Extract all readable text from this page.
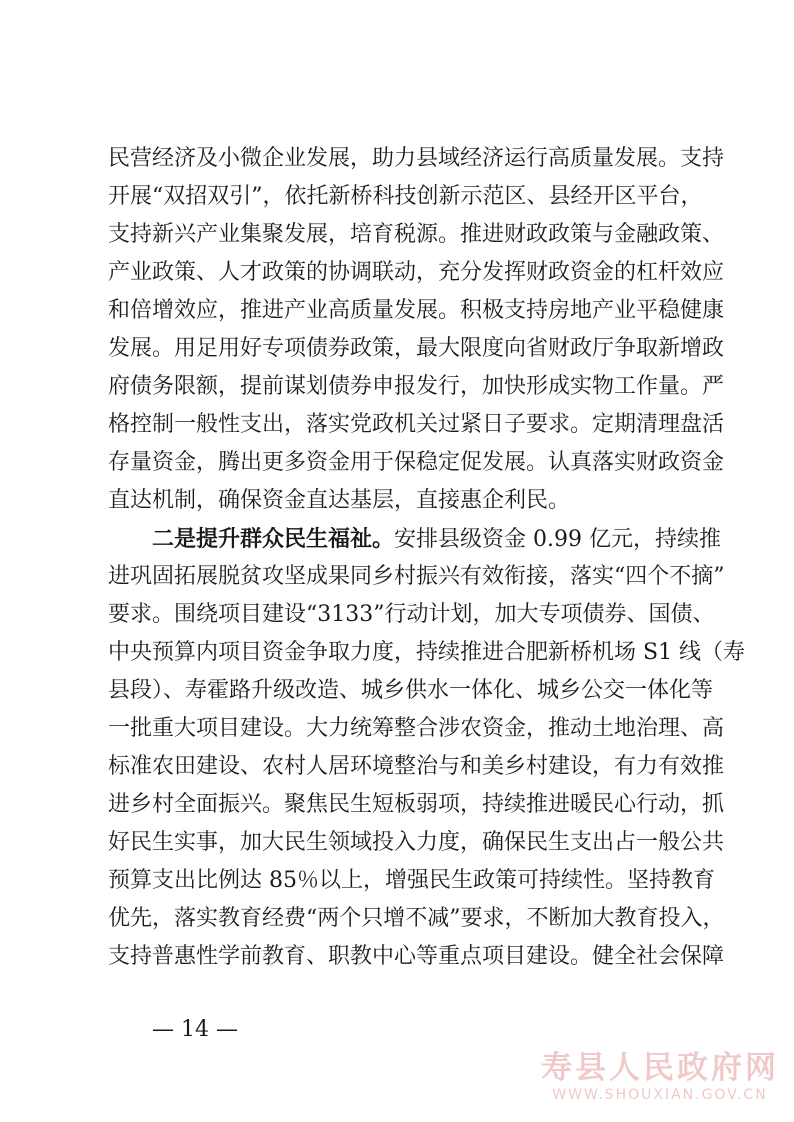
民营经济及小微企业发展，助力县域经济运行高质量发展。支持
开展“双招双引”，依托新桥科技创新示范区、县经开区平台，
支持新兴产业集聚发展，培育税源。推进财政政策与金融政策、
产业政策、人才政策的协调联动，充分发挥财政资金的杠杆效应
和倍增效应，推进产业高质量发展。积极支持房地产业平稳健康
发展。用足用好专项债券政策，最大限度向省财政厅争取新增政
府债务限额，提前谋划债券申报发行，加快形成实物工作量。严
格控制一般性支出，落实党政机关过紧日子要求。定期清理盘活
存量资金，腾出更多资金用于保稳定促发展。认真落实财政资金
直达机制，确保资金直达基层，直接惠企利民。
二是提升群众民生福祉。安排县级资金 0.99 亿元，持续推
进巩固拓展脱贫攻坚成果同乡村振兴有效衔接，落实“四个不摘”
要求。围绕项目建设“3133”行动计划，加大专项债券、国债、
中央预算内项目资金争取力度，持续推进合肥新桥机场 S1 线（寿
县段）、寿霍路升级改造、城乡供水一体化、城乡公交一体化等
一批重大项目建设。大力统筹整合涉农资金，推动土地治理、高
标准农田建设、农村人居环境整治与和美乡村建设，有力有效推
进乡村全面振兴。聚焦民生短板弱项，持续推进暖民心行动，抓
好民生实事，加大民生领域投入力度，确保民生支出占一般公共
预算支出比例达 85％以上，增强民生政策可持续性。坚持教育
优先，落实教育经费“两个只增不减”要求，不断加大教育投入，
支持普惠性学前教育、职教中心等重点项目建设。健全社会保障
— 14 —
寿县人民政府网
WWW.SHOUXIAN.GOV.CN
